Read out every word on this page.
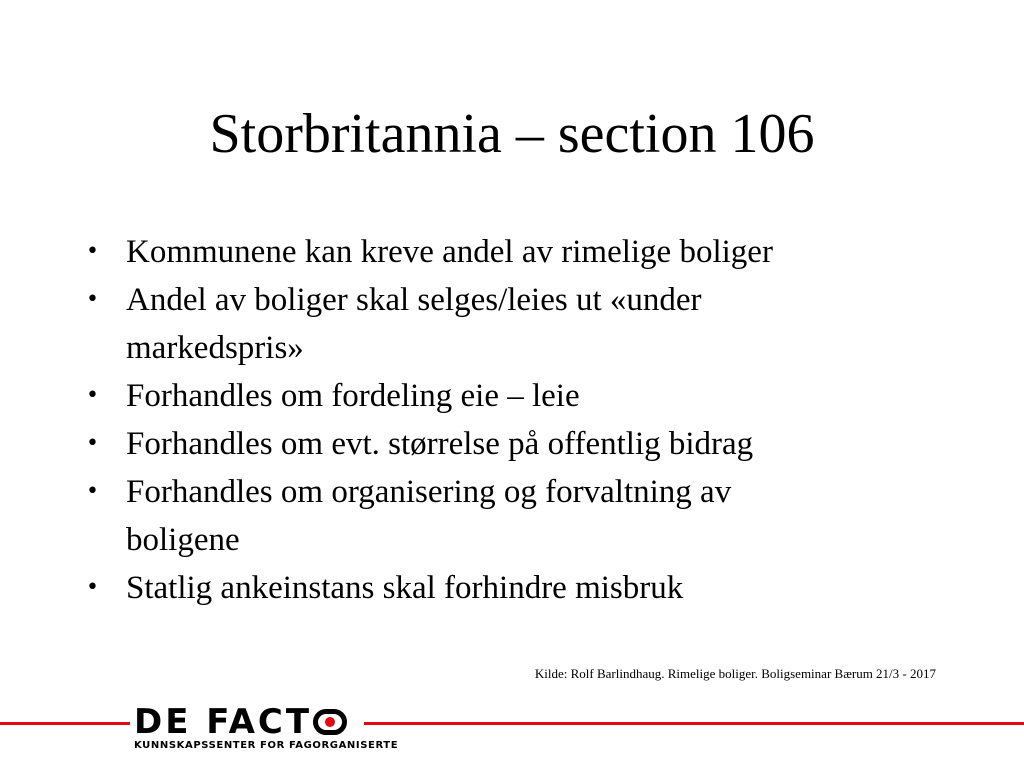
Storbritannia – section 106
• Kommunene kan kreve andel av rimelige boliger
• Andel av boliger skal selges/leies ut «under
markedspris»
• Forhandles om fordeling eie – leie
• Forhandles om evt. størrelse på offentlig bidrag
• Forhandles om organisering og forvaltning av
boligene
• Statlig ankeinstans skal forhindre misbruk
Kilde: Rolf Barlindhaug. Rimelige boliger. Boligseminar Bærum 21/3 - 2017
DE FACT
KUNNSKAPSSENTER FOR FAGORGANISERTE
